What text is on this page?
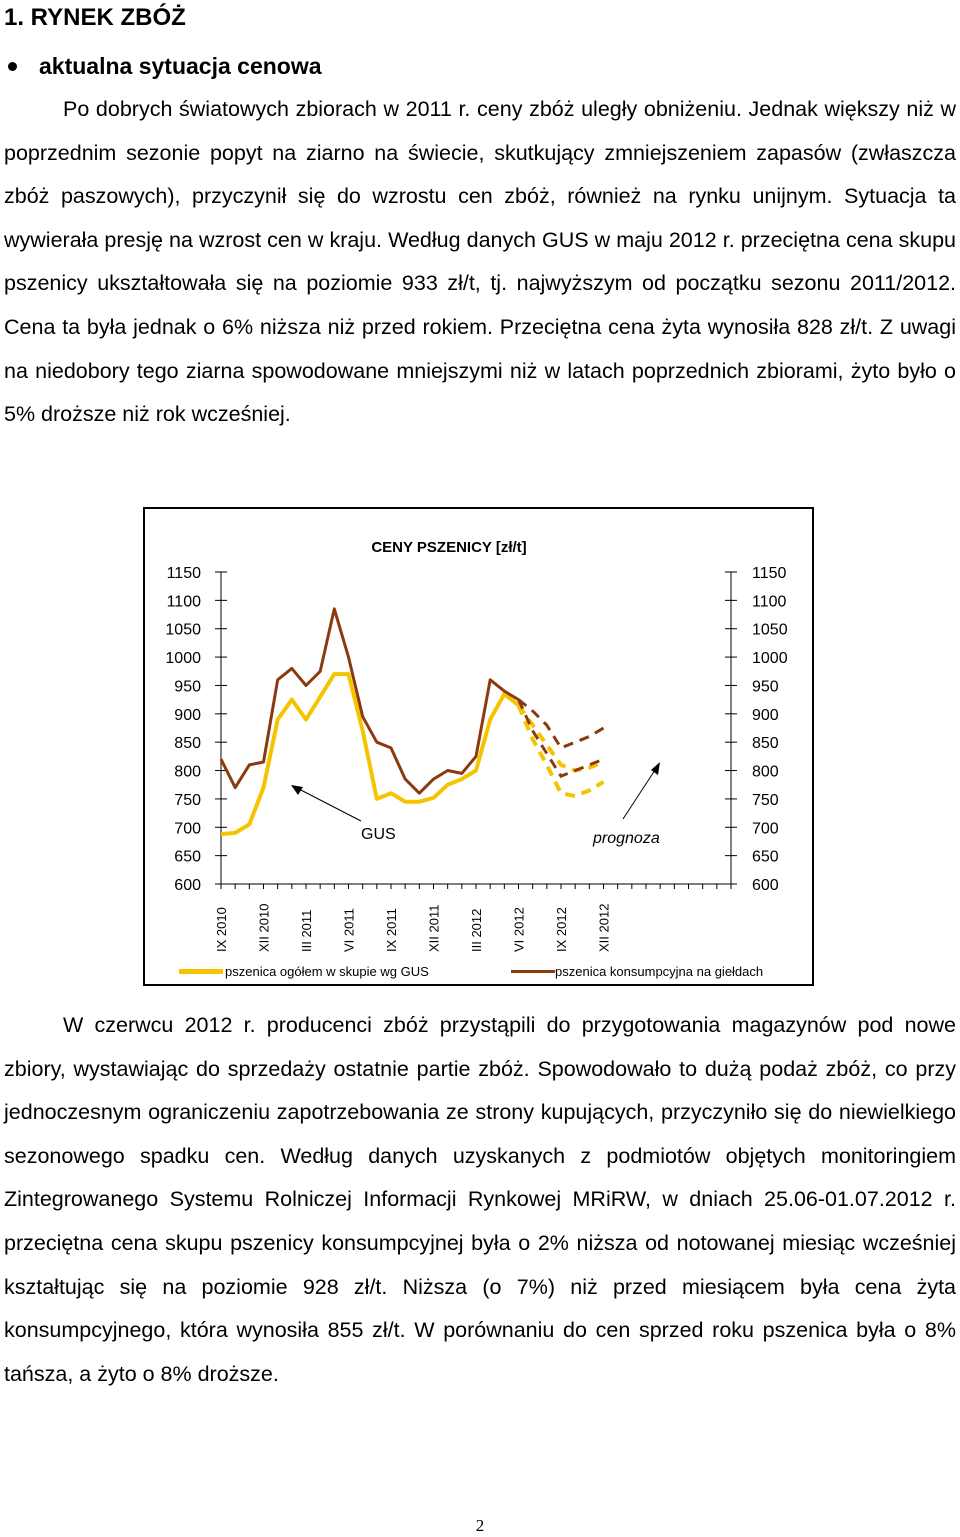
1. RYNEK ZBÓŻ
aktualna sytuacja cenowa

Po dobrych światowych zbiorach w 2011 r. ceny zbóż uległy obniżeniu. Jednak większy niż w poprzednim sezonie popyt na ziarno na świecie, skutkujący zmniejszeniem zapasów (zwłaszcza zbóż paszowych), przyczynił się do wzrostu cen zbóż, również na rynku unijnym. Sytuacja ta wywierała presję na wzrost cen w kraju. Według danych GUS w maju 2012 r. przeciętna cena skupu pszenicy ukształtowała się na poziomie 933 zł/t, tj. najwyższym od początku sezonu 2011/2012. Cena ta była jednak o 6% niższa niż przed rokiem. Przeciętna cena żyta wynosiła 828 zł/t. Z uwagi na niedobory tego ziarna spowodowane mniejszymi niż w latach poprzednich zbiorami, żyto było o 5% droższe niż rok wcześniej.

CENY PSZENICY [zł/t]
1150	1150
1100	1100
1050	1050
1000	1000
950	950
900	900
850	850
800	800
750	750
700	700
650	650
600	600
IX 2010 XII 2010 III 2011 VI 2011 IX 2011 XII 2011 III 2012 VI 2012 IX 2012 XII 2012
GUS	prognoza
pszenica ogółem w skupie wg GUS	pszenica konsumpcyjna na giełdach

W czerwcu 2012 r. producenci zbóż przystąpili do przygotowania magazynów pod nowe zbiory, wystawiając do sprzedaży ostatnie partie zbóż. Spowodowało to dużą podaż zbóż, co przy jednoczesnym ograniczeniu zapotrzebowania ze strony kupujących, przyczyniło się do niewielkiego sezonowego spadku cen. Według danych uzyskanych z podmiotów objętych monitoringiem Zintegrowanego Systemu Rolniczej Informacji Rynkowej MRiRW, w dniach 25.06-01.07.2012 r. przeciętna cena skupu pszenicy konsumpcyjnej była o 2% niższa od notowanej miesiąc wcześniej kształtując się na poziomie 928 zł/t. Niższa (o 7%) niż przed miesiącem była cena żyta konsumpcyjnego, która wynosiła 855 zł/t. W porównaniu do cen sprzed roku pszenica była o 8% tańsza, a żyto o 8% droższe.

2
